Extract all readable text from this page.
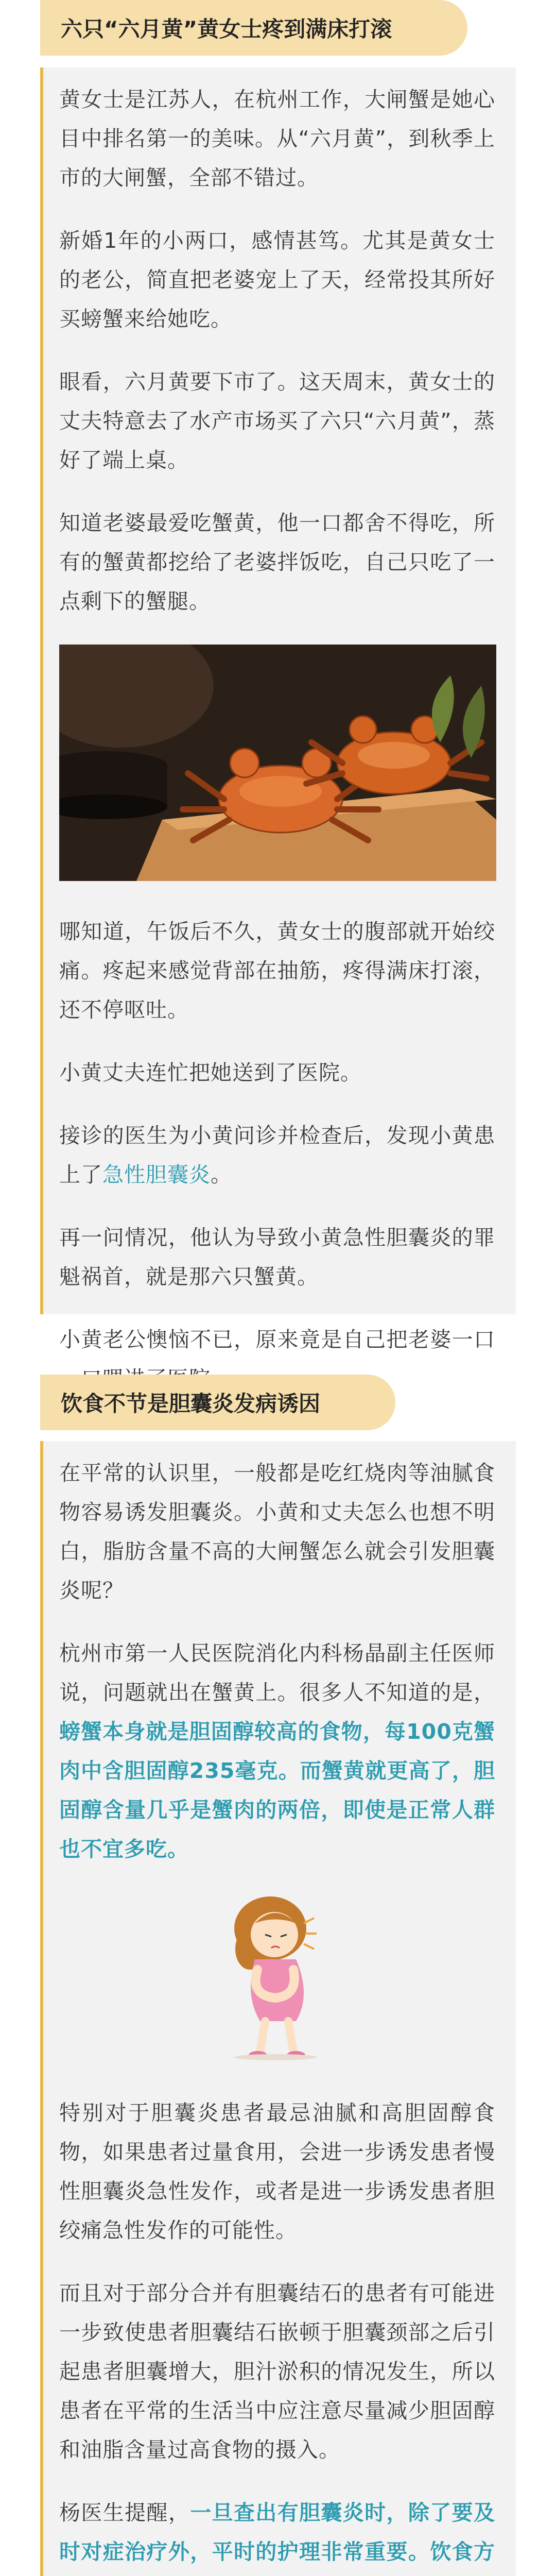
六只“六月黄”黄女士疼到满床打滚

黄女士是江苏人，在杭州工作，大闸蟹是她心目中排名第一的美味。从“六月黄”，到秋季上市的大闸蟹，全部不错过。

新婚1年的小两口，感情甚笃。尤其是黄女士的老公，简直把老婆宠上了天，经常投其所好买螃蟹来给她吃。

眼看，六月黄要下市了。这天周末，黄女士的丈夫特意去了水产市场买了六只“六月黄”，蒸好了端上桌。

知道老婆最爱吃蟹黄，他一口都舍不得吃，所有的蟹黄都挖给了老婆拌饭吃，自己只吃了一点剩下的蟹腿。

哪知道，午饭后不久，黄女士的腹部就开始绞痛。疼起来感觉背部在抽筋，疼得满床打滚，还不停呕吐。

小黄丈夫连忙把她送到了医院。

接诊的医生为小黄问诊并检查后，发现小黄患上了急性胆囊炎。

再一问情况，他认为导致小黄急性胆囊炎的罪魁祸首，就是那六只蟹黄。

小黄老公懊恼不已，原来竟是自己把老婆一口

饮食不节是胆囊炎发病诱因

在平常的认识里，一般都是吃红烧肉等油腻食物容易诱发胆囊炎。小黄和丈夫怎么也想不明白，脂肪含量不高的大闸蟹怎么就会引发胆囊炎呢？

杭州市第一人民医院消化内科杨晶副主任医师说，问题就出在蟹黄上。很多人不知道的是，螃蟹本身就是胆固醇较高的食物，每100克蟹肉中含胆固醇235毫克。而蟹黄就更高了，胆固醇含量几乎是蟹肉的两倍，即使是正常人群也不宜多吃。

特别对于胆囊炎患者最忌油腻和高胆固醇食物，如果患者过量食用，会进一步诱发患者慢性胆囊炎急性发作，或者是进一步诱发患者胆绞痛急性发作的可能性。

而且对于部分合并有胆囊结石的患者有可能进一步致使患者胆囊结石嵌顿于胆囊颈部之后引起患者胆囊增大，胆汁淤积的情况发生，所以患者在平常的生活当中应注意尽量减少胆固醇和油脂含量过高食物的摄入。

杨医生提醒，一旦查出有胆囊炎时，除了要及时对症治疗外，平时的护理非常重要。饮食方
